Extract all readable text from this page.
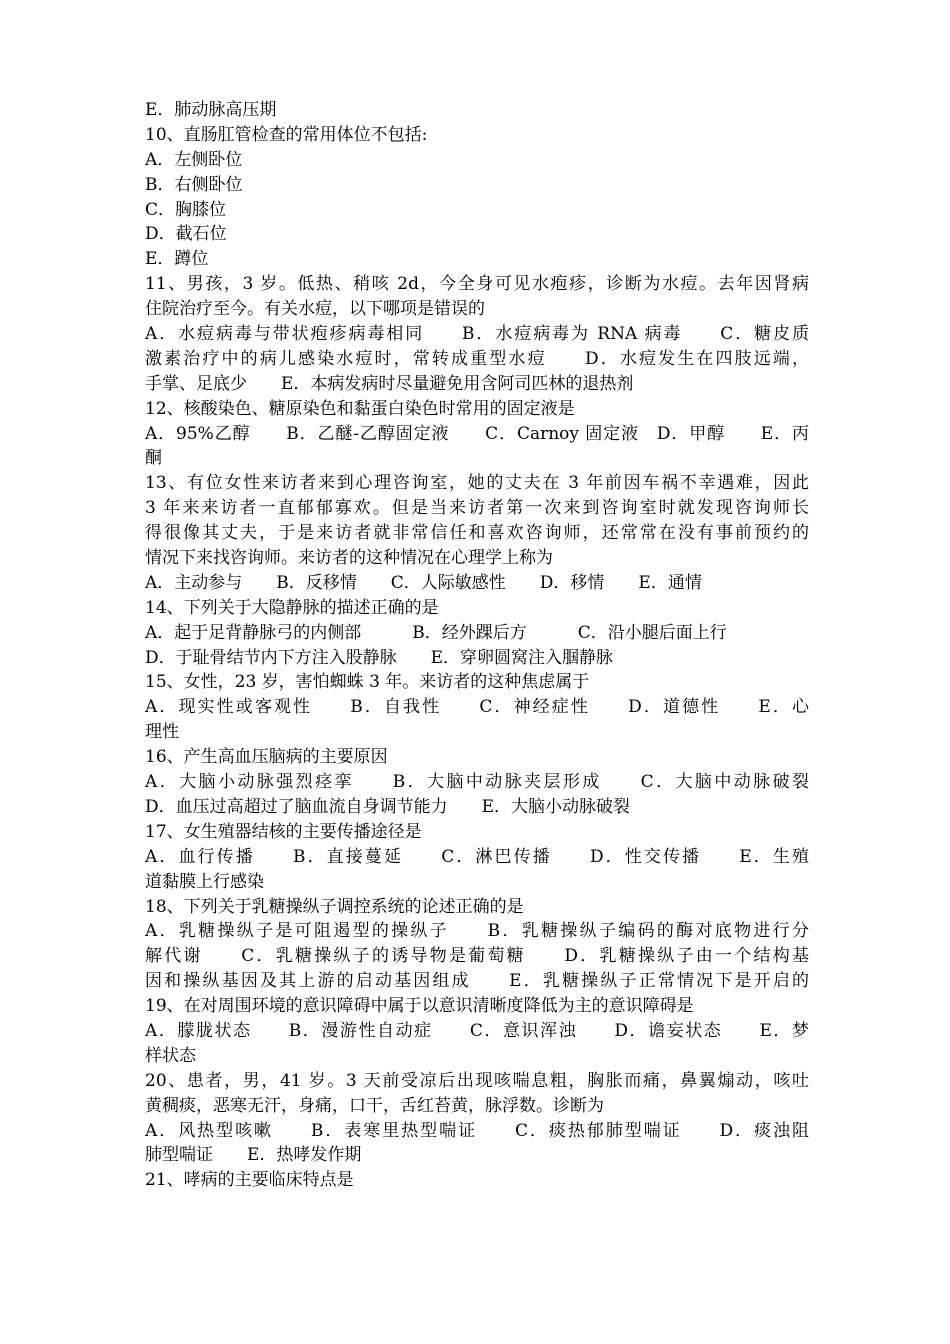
E．肺动脉高压期
10、直肠肛管检查的常用体位不包括:
A．左侧卧位
B．右侧卧位
C．胸膝位
D．截石位
E．蹲位
11、男孩，3 岁。低热、稍咳 2d，今全身可见水疱疹，诊断为水痘。去年因肾病
住院治疗至今。有关水痘，以下哪项是错误的
A．水痘病毒与带状疱疹病毒相同　　B．水痘病毒为 RNA 病毒　　C．糖皮质
激素治疗中的病儿感染水痘时，常转成重型水痘　　D．水痘发生在四肢远端，
手掌、足底少　　E．本病发病时尽量避免用含阿司匹林的退热剂
12、核酸染色、糖原染色和黏蛋白染色时常用的固定液是
A．95%乙醇　　B．乙醚-乙醇固定液　　C．Carnoy 固定液　D．甲醇　　E．丙
酮
13、有位女性来访者来到心理咨询室，她的丈夫在 3 年前因车祸不幸遇难，因此
3 年来来访者一直郁郁寡欢。但是当来访者第一次来到咨询室时就发现咨询师长
得很像其丈夫，于是来访者就非常信任和喜欢咨询师，还常常在没有事前预约的
情况下来找咨询师。来访者的这种情况在心理学上称为
A．主动参与　　B．反移情　　C．人际敏感性　　D．移情　　E．通情
14、下列关于大隐静脉的描述正确的是
A．起于足背静脉弓的内侧部　　　B．经外踝后方　　　C．沿小腿后面上行
D．于耻骨结节内下方注入股静脉　　E．穿卵圆窝注入腘静脉
15、女性，23 岁，害怕蜘蛛 3 年。来访者的这种焦虑属于
A．现实性或客观性　　B．自我性　　C．神经症性　　D．道德性　　E．心
理性
16、产生高血压脑病的主要原因
A．大脑小动脉强烈痉挛　　B．大脑中动脉夹层形成　　C．大脑中动脉破裂
D．血压过高超过了脑血流自身调节能力　　E．大脑小动脉破裂
17、女生殖器结核的主要传播途径是
A．血行传播　　B．直接蔓延　　C．淋巴传播　　D．性交传播　　E．生殖
道黏膜上行感染
18、下列关于乳糖操纵子调控系统的论述正确的是
A．乳糖操纵子是可阻遏型的操纵子　　B．乳糖操纵子编码的酶对底物进行分
解代谢　　C．乳糖操纵子的诱导物是葡萄糖　　D．乳糖操纵子由一个结构基
因和操纵基因及其上游的启动基因组成　　E．乳糖操纵子正常情况下是开启的
19、在对周围环境的意识障碍中属于以意识清晰度降低为主的意识障碍是
A．朦胧状态　　B．漫游性自动症　　C．意识浑浊　　D．谵妄状态　　E．梦
样状态
20、患者，男，41 岁。3 天前受凉后出现咳喘息粗，胸胀而痛，鼻翼煽动，咳吐
黄稠痰，恶寒无汗，身痛，口干，舌红苔黄，脉浮数。诊断为
A．风热型咳嗽　　B．表寒里热型喘证　　C．痰热郁肺型喘证　　D．痰浊阻
肺型喘证　　E．热哮发作期
21、哮病的主要临床特点是
